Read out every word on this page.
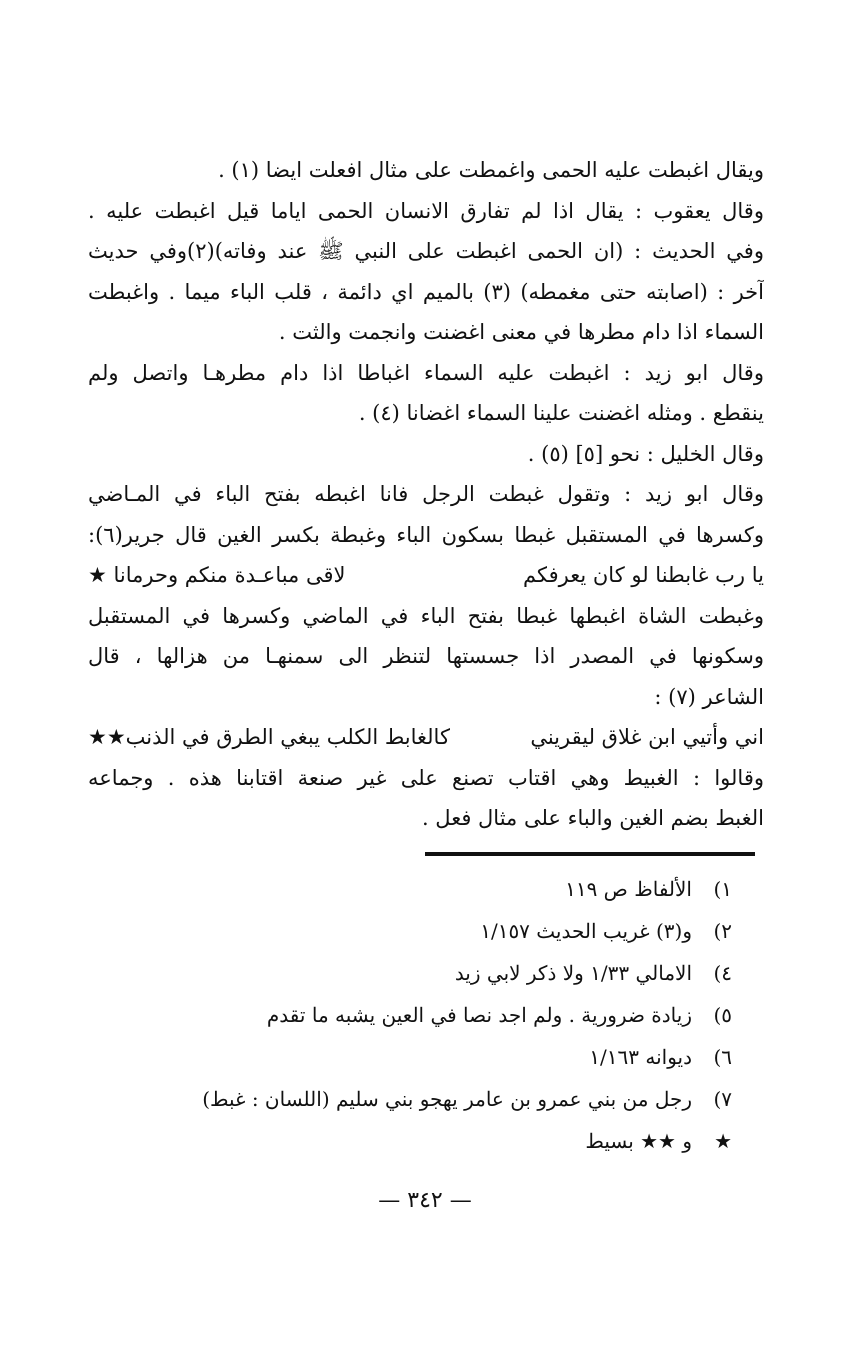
ويقال اغبطت عليه الحمى واغمطت على مثال افعلت ايضا (١) .
وقال يعقوب : يقال اذا لم تفارق الانسان الحمى اياما قيل اغبطت عليه .
وفي الحديث : (ان الحمى اغبطت على النبي ﷺ عند وفاته)(٢)وفي حديث
آخر : (اصابته حتى مغمطه) (٣) بالميم اي دائمة ، قلب الباء ميما . واغبطت
السماء اذا دام مطرها في معنى اغضنت وانجمت والثت .
وقال ابو زيد : اغبطت عليه السماء اغباطا اذا دام مطرهـا واتصل ولم
ينقطع . ومثله اغضنت علينا السماء اغضانا (٤) .
وقال الخليل : نحو [٥] (٥) .
وقال ابو زيد : وتقول غبطت الرجل فانا اغبطه بفتح الباء في المـاضي
وكسرها في المستقبل غبطا بسكون الباء وغبطة بكسر الغين قال جرير(٦):
يا رب غابطنا لو كان يعرفكم
لاقى مباعـدة منكم وحرمانا ★
وغبطت الشاة اغبطها غبطا بفتح الباء في الماضي وكسرها في المستقبل
وسكونها في المصدر اذا جسستها لتنظر الى سمنهـا من هزالها ، قال
الشاعر (٧) :
اني وأتيي ابن غلاق ليقريني
كالغابط الكلب يبغي الطرق في الذنب★★
وقالوا : الغبيط وهي اقتاب تصنع على غير صنعة اقتابنا هذه . وجماعه
الغبط بضم الغين والباء على مثال فعل .
١)
الألفاظ ص ١١٩
٢)
و(٣) غريب الحديث ١/١٥٧
٤)
الامالي ١/٣٣ ولا ذكر لابي زيد
٥)
زيادة ضرورية . ولم اجد نصا في العين يشبه ما تقدم
٦)
ديوانه ١/١٦٣
٧)
رجل من بني عمرو بن عامر يهجو بني سليم (اللسان : غبط)
★
و ★★ بسيط
— ٣٤٢ —
